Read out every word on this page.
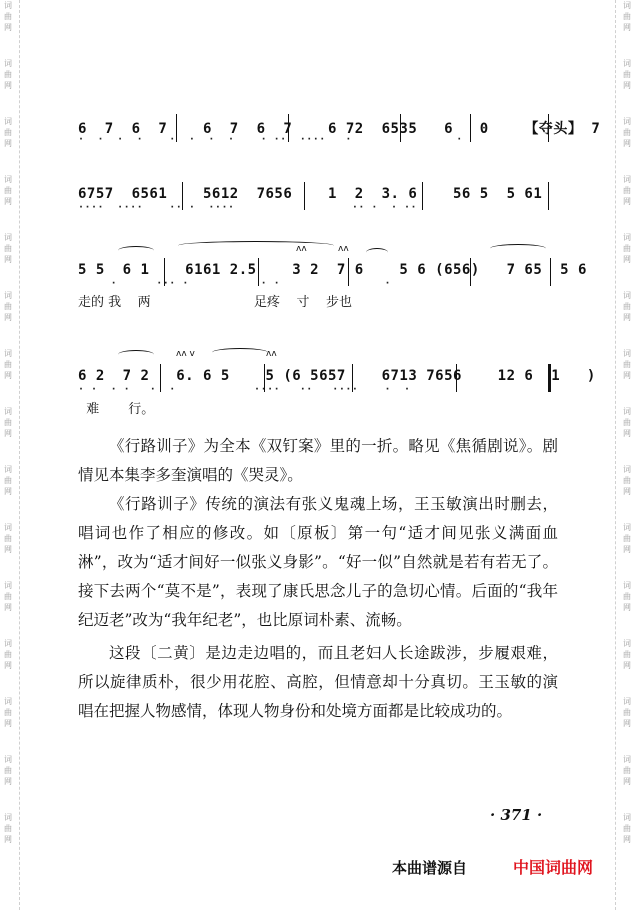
词
曲
网
词
曲
网
词
曲
网
词
曲
网
词
曲
网
词
曲
网
词
曲
网
词
曲
网
词
曲
网
词
曲
网
词
曲
网
词
曲
网
词
曲
网
词
曲
网
词
曲
网
词
曲
网
词
曲
网
词
曲
网
词
曲
网
词
曲
网
词
曲
网
词
曲
网
词
曲
网
词
曲
网
词
曲
网
词
曲
网
词
曲
网
词
曲
网
词
曲
网
词
曲
网

6  7  6  7    6  7  6  7    6 72  6535   6   0    【夺头】 7

·  ·  ·  ·    ·  ·  ·  ·    · ··  ····   ·                ·

6757  6561    5612  7656    1  2  3. 6    56 5  5 61

····  ····    ·· ·  ····                  ·· ·  · ··

ʌʌ	ʌʌ

5 5  6 1    6161 2.5    3 2  7 6    5 6 (656)   7 65  5 6

·      ··· ·           · ·                ·

走的 我    两                         足疼    寸    步也
ʌʌ v	ʌʌ

6 2  7 2   6. 6 5    5 (6 5657    6713 7656    12 6  1   )

· ·  · ·   ·  ·            ····   ··   ····    ·  ·

难       行。

《行路训子》为全本《双钉案》里的一折。略见《焦循剧说》。剧情见本集李多奎演唱的《哭灵》。

《行路训子》传统的演法有张义鬼魂上场，王玉敏演出时删去，唱词也作了相应的修改。如〔原板〕第一句“适才间见张义满面血淋”，改为“适才间好一似张义身影”。“好一似”自然就是若有若无了。接下去两个“莫不是”，表现了康氏思念儿子的急切心情。后面的“我年纪迈老”改为“我年纪老”，也比原词朴素、流畅。

这段〔二黄〕是边走边唱的，而且老妇人长途跋涉，步履艰难，所以旋律质朴，很少用花腔、高腔，但情意却十分真切。王玉敏的演唱在把握人物感情，体现人物身份和处境方面都是比较成功的。

· 371 ·
本曲谱源自	中国词曲网
